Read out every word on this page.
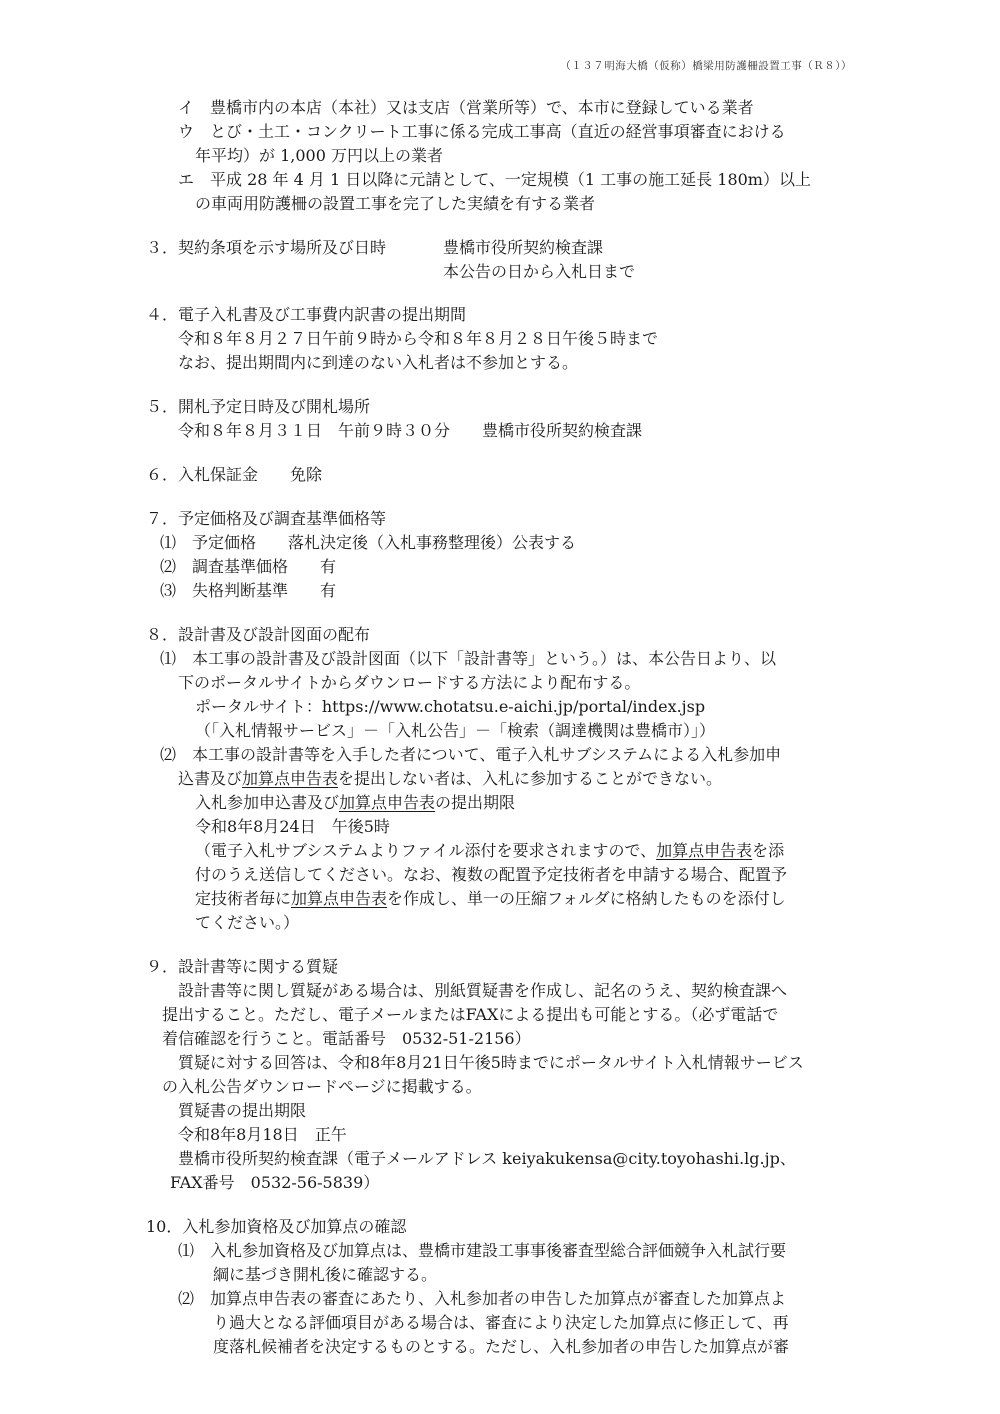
（１３７明海大橋（仮称）橋梁用防護柵設置工事（Ｒ８））
イ　豊橋市内の本店（本社）又は支店（営業所等）で、本市に登録している業者
ウ　とび・土工・コンクリート工事に係る完成工事高（直近の経営事項審査における
年平均）が 1,000 万円以上の業者
エ　平成 28 年 4 月 1 日以降に元請として、一定規模（1 工事の施工延長 180m）以上
の車両用防護柵の設置工事を完了した実績を有する業者
３．契約条項を示す場所及び日時	豊橋市役所契約検査課
本公告の日から入札日まで
４．電子入札書及び工事費内訳書の提出期間
令和８年８月２７日午前９時から令和８年８月２８日午後５時まで
なお、提出期間内に到達のない入札者は不参加とする。
５．開札予定日時及び開札場所
令和８年８月３１日　午前９時３０分　　豊橋市役所契約検査課
６．入札保証金　　免除
７．予定価格及び調査基準価格等
⑴　予定価格　　落札決定後（入札事務整理後）公表する
⑵　調査基準価格　　有
⑶　失格判断基準　　有
８．設計書及び設計図面の配布
⑴　本工事の設計書及び設計図面（以下「設計書等」という。）は、本公告日より、以
下のポータルサイトからダウンロードする方法により配布する。
ポータルサイト：https://www.chotatsu.e-aichi.jp/portal/index.jsp
（「入札情報サービス」－「入札公告」－「検索（調達機関は豊橋市）」）
⑵　本工事の設計書等を入手した者について、電子入札サブシステムによる入札参加申
込書及び加算点申告表を提出しない者は、入札に参加することができない。
入札参加申込書及び加算点申告表の提出期限
令和8年8月24日　午後5時
（電子入札サブシステムよりファイル添付を要求されますので、加算点申告表を添
付のうえ送信してください。なお、複数の配置予定技術者を申請する場合、配置予
定技術者毎に加算点申告表を作成し、単一の圧縮フォルダに格納したものを添付し
てください。）
９．設計書等に関する質疑
設計書等に関し質疑がある場合は、別紙質疑書を作成し、記名のうえ、契約検査課へ
提出すること。ただし、電子メールまたはFAXによる提出も可能とする。（必ず電話で
着信確認を行うこと。電話番号　0532-51-2156）
質疑に対する回答は、令和8年8月21日午後5時までにポータルサイト入札情報サービス
の入札公告ダウンロードページに掲載する。
質疑書の提出期限
令和8年8月18日　正午
豊橋市役所契約検査課（電子メールアドレス keiyakukensa@city.toyohashi.lg.jp、
FAX番号　0532-56-5839）
10．入札参加資格及び加算点の確認
⑴　入札参加資格及び加算点は、豊橋市建設工事事後審査型総合評価競争入札試行要
綱に基づき開札後に確認する。
⑵　加算点申告表の審査にあたり、入札参加者の申告した加算点が審査した加算点よ
り過大となる評価項目がある場合は、審査により決定した加算点に修正して、再
度落札候補者を決定するものとする。ただし、入札参加者の申告した加算点が審
